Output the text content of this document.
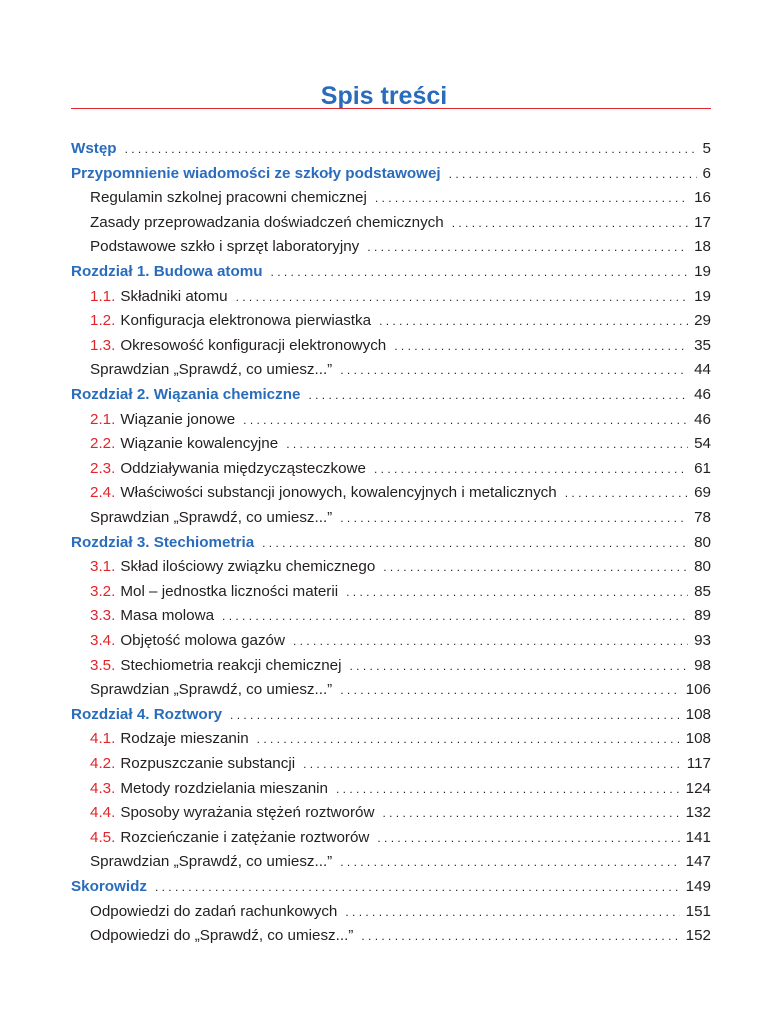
Spis treści
Wstęp . . .	5
Przypomnienie wiadomości ze szkoły podstawowej . . .	6
Regulamin szkolnej pracowni chemicznej . . .	16
Zasady przeprowadzania doświadczeń chemicznych . . .	17
Podstawowe szkło i sprzęt laboratoryjny . . .	18
Rozdział 1. Budowa atomu . . .	19
1.1. Składniki atomu . . .	19
1.2. Konfiguracja elektronowa pierwiastka . . .	29
1.3. Okresowość konfiguracji elektronowych . . .	35
Sprawdzian „Sprawdź, co umiesz...” . . .	44
Rozdział 2. Wiązania chemiczne . . .	46
2.1. Wiązanie jonowe . . .	46
2.2. Wiązanie kowalencyjne . . .	54
2.3. Oddziaływania międzycząsteczkowe . . .	61
2.4. Właściwości substancji jonowych, kowalencyjnych i metalicznych . . .	69
Sprawdzian „Sprawdź, co umiesz...” . . .	78
Rozdział 3. Stechiometria . . .	80
3.1. Skład ilościowy związku chemicznego . . .	80
3.2. Mol – jednostka liczności materii . . .	85
3.3. Masa molowa . . .	89
3.4. Objętość molowa gazów . . .	93
3.5. Stechiometria reakcji chemicznej . . .	98
Sprawdzian „Sprawdź, co umiesz...” . . .	106
Rozdział 4. Roztwory . . .	108
4.1. Rodzaje mieszanin . . .	108
4.2. Rozpuszczanie substancji . . .	117
4.3. Metody rozdzielania mieszanin . . .	124
4.4. Sposoby wyrażania stężeń roztworów . . .	132
4.5. Rozcieńczanie i zatężanie roztworów . . .	141
Sprawdzian „Sprawdź, co umiesz...” . . .	147
Skorowidz . . .	149
Odpowiedzi do zadań rachunkowych . . .	151
Odpowiedzi do „Sprawdź, co umiesz...” . . .	152
